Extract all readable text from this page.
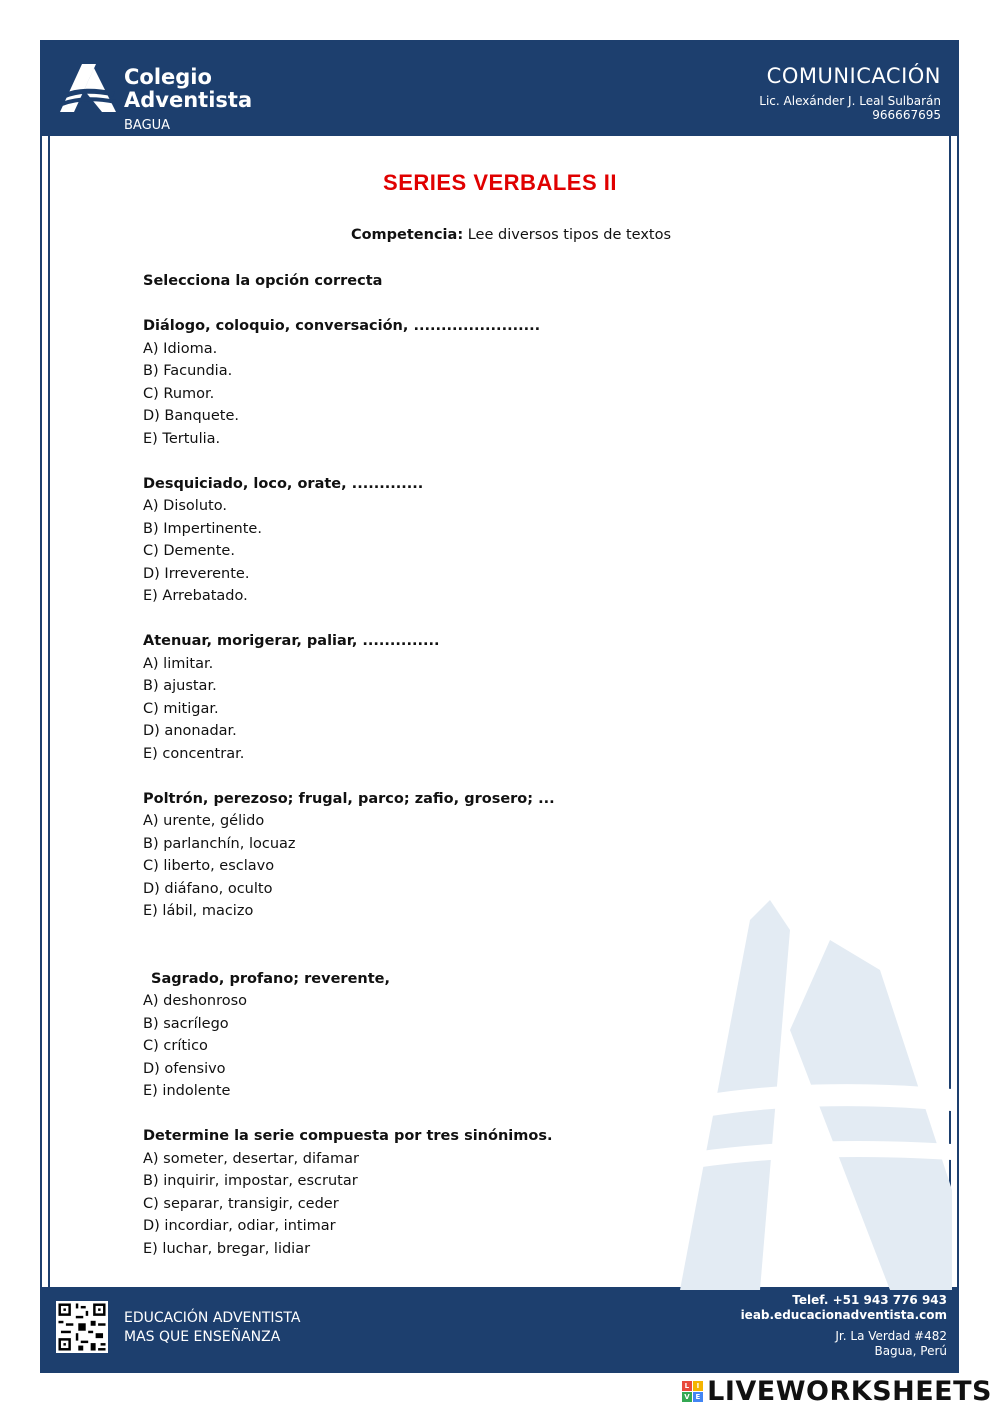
Colegio
Adventista
BAGUA
COMUNICACIÓN
Lic. Alexánder J. Leal Sulbarán
966667695
EDUCACIÓN ADVENTISTA
MAS QUE ENSEÑANZA
Telef. +51 943 776 943
ieab.educacionadventista.com
Jr. La Verdad #482
Bagua, Perú
SERIES VERBALES II
Competencia: Lee diversos tipos de textos
Selecciona la opción correcta
Diálogo, coloquio, conversación, .......................
A) Idioma.
B) Facundia.
C) Rumor.
D) Banquete.
E) Tertulia.
Desquiciado, loco, orate, .............
A) Disoluto.
B) Impertinente.
C) Demente.
D) Irreverente.
E) Arrebatado.
Atenuar, morigerar, paliar, ..............
A) limitar.
B) ajustar.
C) mitigar.
D) anonadar.
E) concentrar.
Poltrón, perezoso; frugal, parco; zafio, grosero; ...
A) urente, gélido
B) parlanchín, locuaz
C) liberto, esclavo
D) diáfano, oculto
E) lábil, macizo
Sagrado, profano; reverente,
A) deshonroso
B) sacrílego
C) crítico
D) ofensivo
E) indolente
Determine la serie compuesta por tres sinónimos.
A) someter, desertar, difamar
B) inquirir, impostar, escrutar
C) separar, transigir, ceder
D) incordiar, odiar, intimar
E) luchar, bregar, lidiar
L I
V E LIVEWORKSHEETS
